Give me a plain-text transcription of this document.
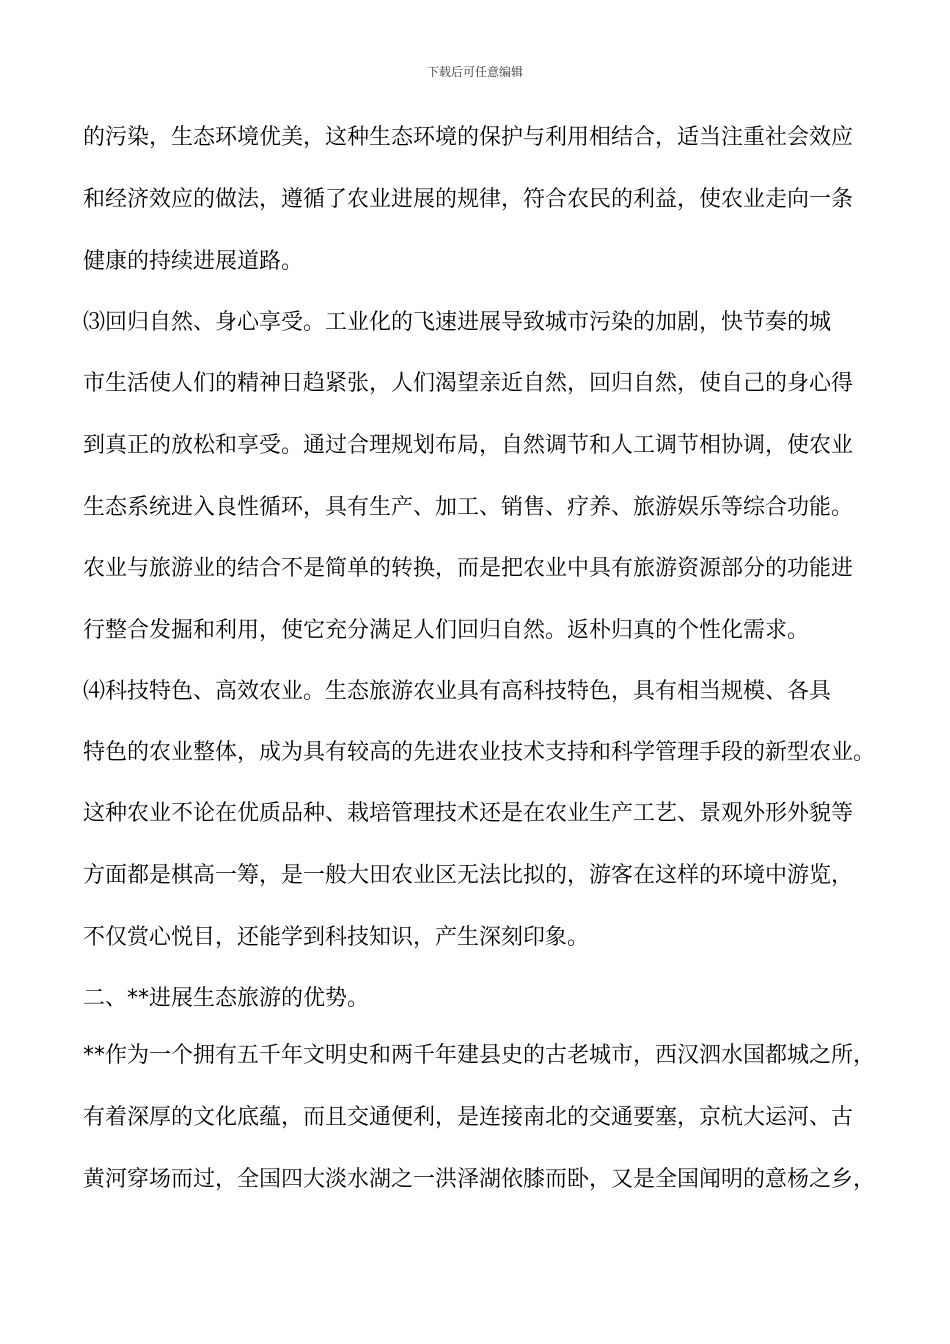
下载后可任意编辑
的污染，生态环境优美，这种生态环境的保护与利用相结合，适当注重社会效应
和经济效应的做法，遵循了农业进展的规律，符合农民的利益，使农业走向一条
健康的持续进展道路。
⑶回归自然、身心享受。工业化的飞速进展导致城市污染的加剧，快节奏的城
市生活使人们的精神日趋紧张，人们渴望亲近自然，回归自然，使自己的身心得
到真正的放松和享受。通过合理规划布局，自然调节和人工调节相协调，使农业
生态系统进入良性循环，具有生产、加工、销售、疗养、旅游娱乐等综合功能。
农业与旅游业的结合不是简单的转换，而是把农业中具有旅游资源部分的功能进
行整合发掘和利用，使它充分满足人们回归自然。返朴归真的个性化需求。
⑷科技特色、高效农业。生态旅游农业具有高科技特色，具有相当规模、各具
特色的农业整体，成为具有较高的先进农业技术支持和科学管理手段的新型农业。
这种农业不论在优质品种、栽培管理技术还是在农业生产工艺、景观外形外貌等
方面都是棋高一筹，是一般大田农业区无法比拟的，游客在这样的环境中游览，
不仅赏心悦目，还能学到科技知识，产生深刻印象。
二、**进展生态旅游的优势。
**作为一个拥有五千年文明史和两千年建县史的古老城市，西汉泗水国都城之所，
有着深厚的文化底蕴，而且交通便利，是连接南北的交通要塞，京杭大运河、古
黄河穿场而过，全国四大淡水湖之一洪泽湖依膝而卧，又是全国闻明的意杨之乡，
